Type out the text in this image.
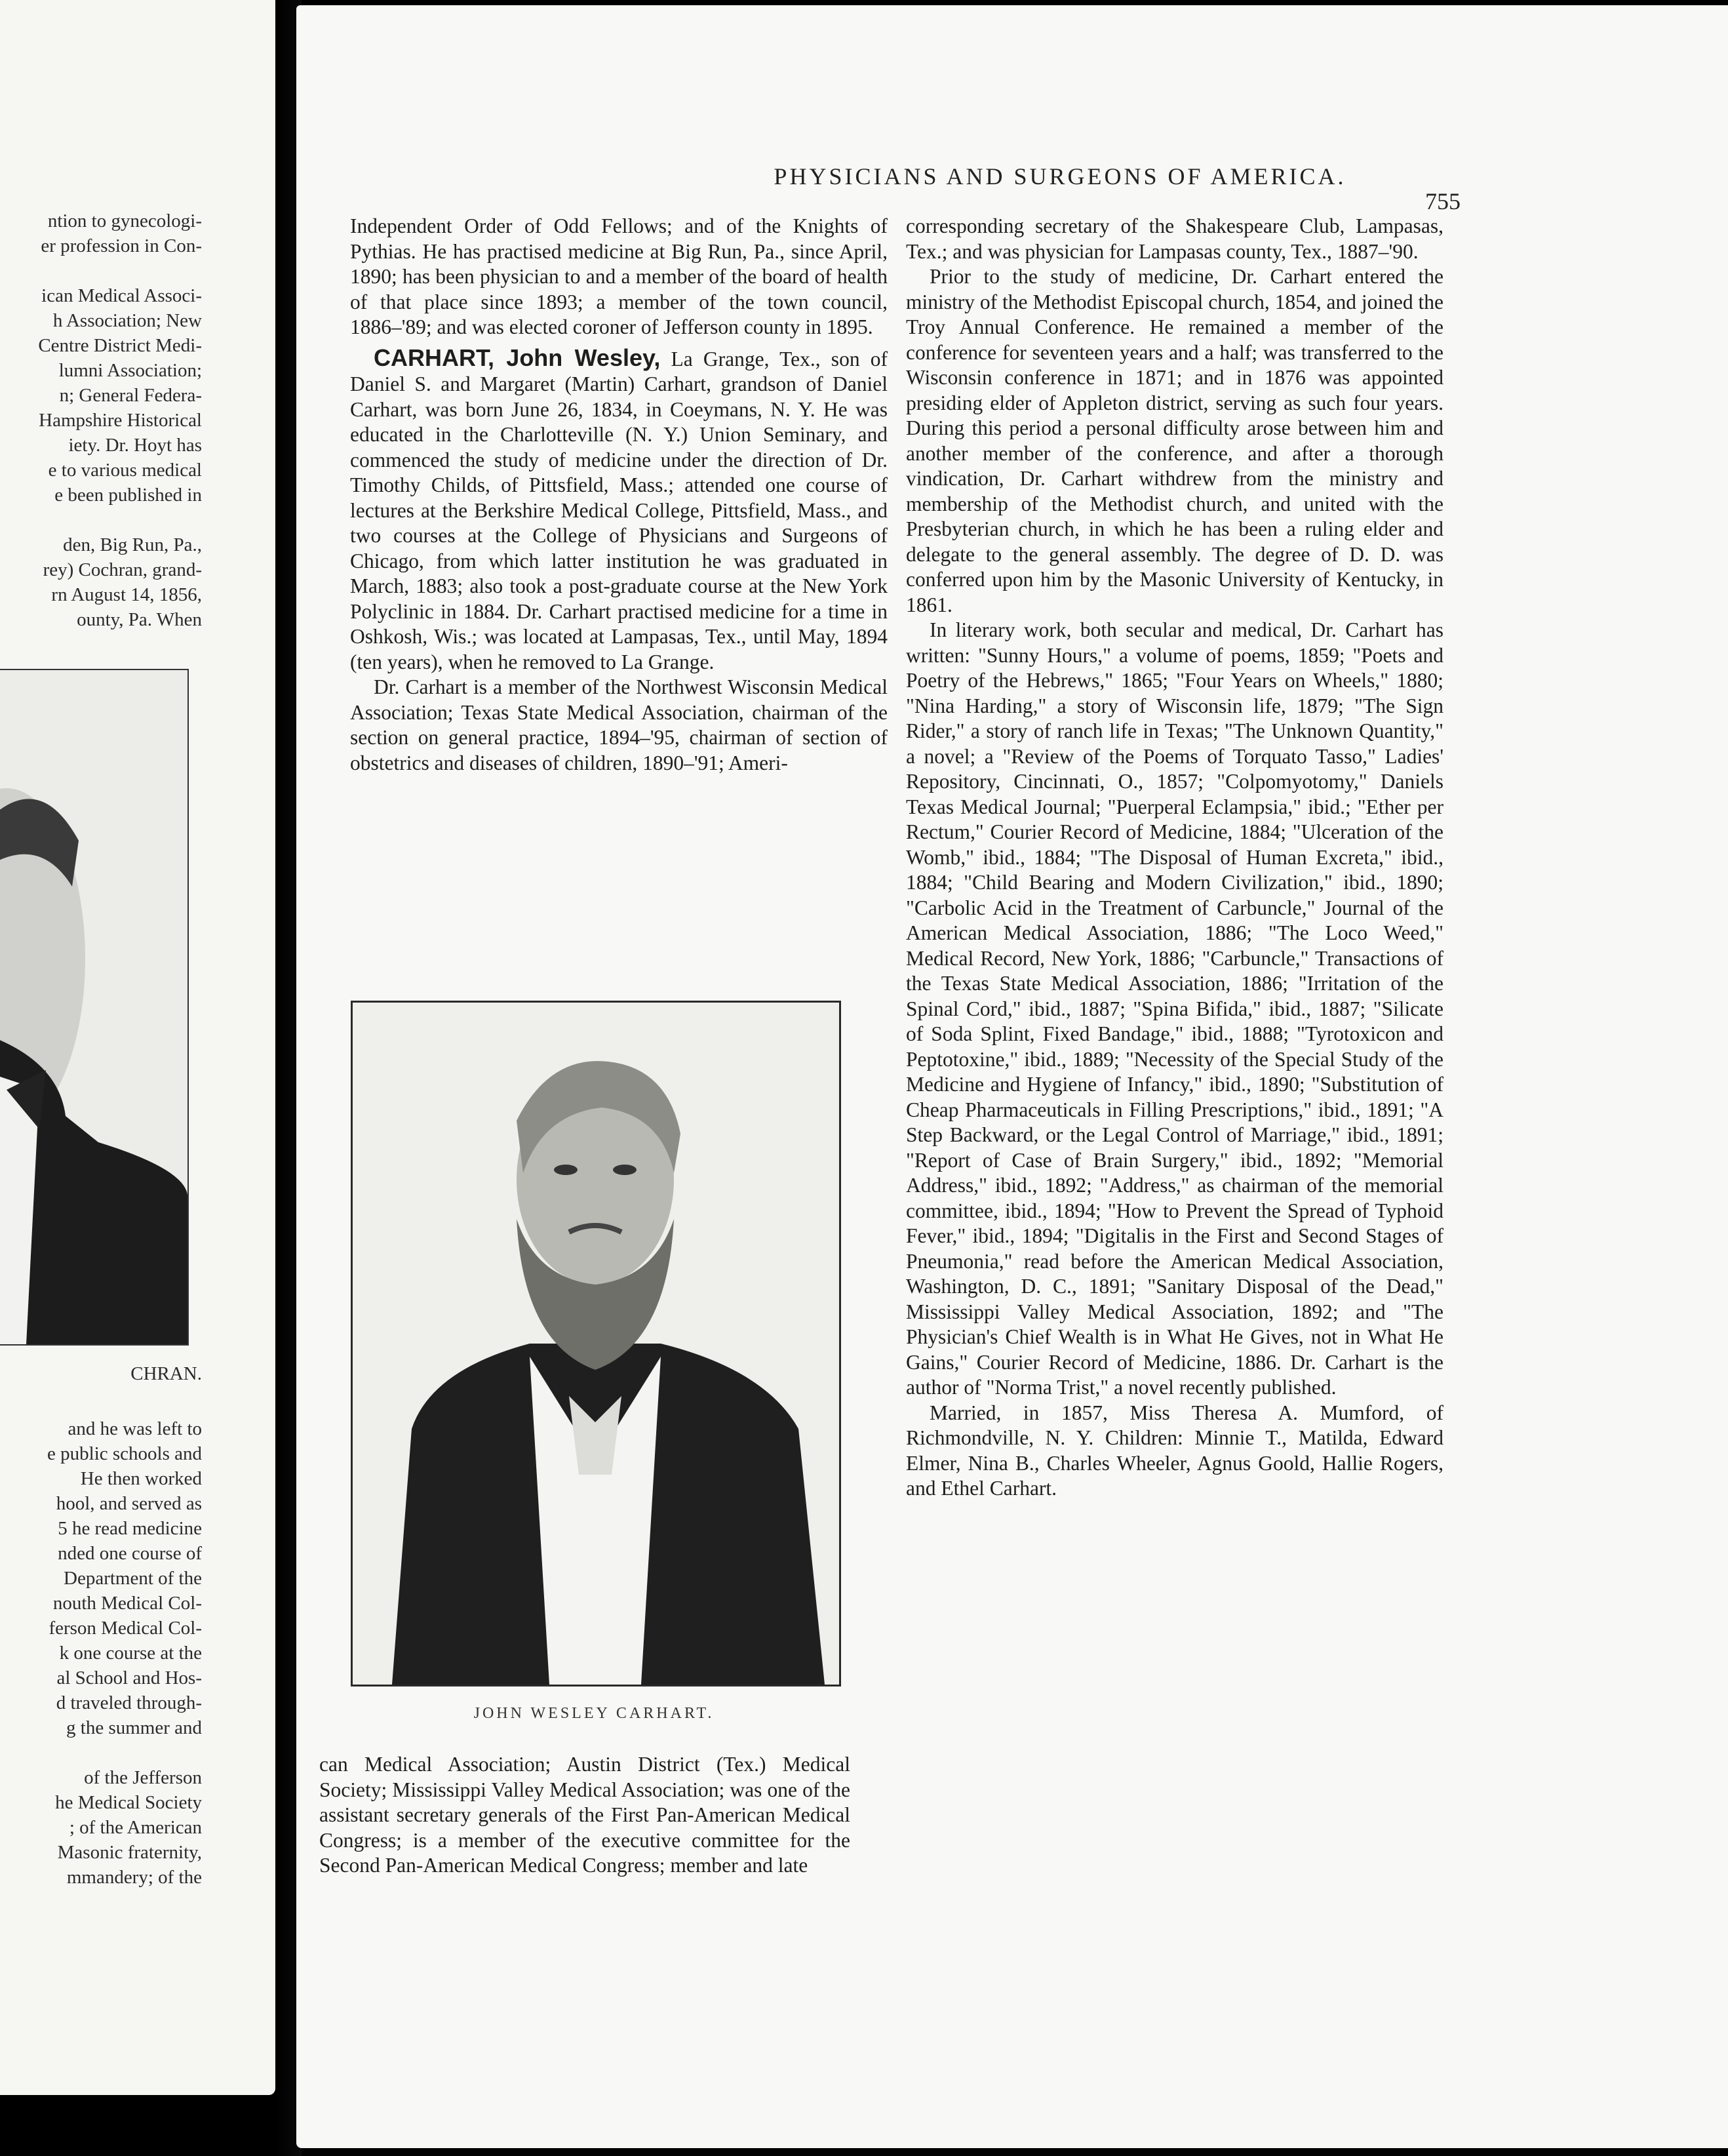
ntion to gynecologi-
er profession in Con-

ican Medical Associ-
h Association; New
Centre District Medi-
lumni Association;
n; General Federa-
Hampshire Historical
iety. Dr. Hoyt has
e to various medical
e been published in

den, Big Run, Pa.,
rey) Cochran, grand-
rn August 14, 1856,
ounty, Pa. When
CHRAN.
and he was left to
e public schools and
He then worked
hool, and served as
5 he read medicine
nded one course of
Department of the
nouth Medical Col-
ferson Medical Col-
k one course at the
al School and Hos-
d traveled through-
g the summer and

of the Jefferson
he Medical Society
; of the American
Masonic fraternity,
mmandery; of the
PHYSICIANS AND SURGEONS OF AMERICA.
755

Independent Order of Odd Fellows; and of the Knights of Pythias. He has practised medicine at Big Run, Pa., since April, 1890; has been physician to and a member of the board of health of that place since 1893; a member of the town council, 1886–'89; and was elected coroner of Jefferson county in 1895.

CARHART, John Wesley, La Grange, Tex., son of Daniel S. and Margaret (Martin) Carhart, grandson of Daniel Carhart, was born June 26, 1834, in Coeymans, N. Y. He was educated in the Charlotteville (N. Y.) Union Seminary, and commenced the study of medicine under the direction of Dr. Timothy Childs, of Pittsfield, Mass.; attended one course of lectures at the Berkshire Medical College, Pittsfield, Mass., and two courses at the College of Physicians and Surgeons of Chicago, from which latter institution he was graduated in March, 1883; also took a post-graduate course at the New York Polyclinic in 1884. Dr. Carhart practised medicine for a time in Oshkosh, Wis.; was located at Lampasas, Tex., until May, 1894 (ten years), when he removed to La Grange.

Dr. Carhart is a member of the Northwest Wisconsin Medical Association; Texas State Medical Association, chairman of the section on general practice, 1894–'95, chairman of section of obstetrics and diseases of children, 1890–'91; Ameri-

JOHN WESLEY CARHART.

can Medical Association; Austin District (Tex.) Medical Society; Mississippi Valley Medical Association; was one of the assistant secretary generals of the First Pan-American Medical Congress; is a member of the executive committee for the Second Pan-American Medical Congress; member and late

corresponding secretary of the Shakespeare Club, Lampasas, Tex.; and was physician for Lampasas county, Tex., 1887–'90.

Prior to the study of medicine, Dr. Carhart entered the ministry of the Methodist Episcopal church, 1854, and joined the Troy Annual Conference. He remained a member of the conference for seventeen years and a half; was transferred to the Wisconsin conference in 1871; and in 1876 was appointed presiding elder of Appleton district, serving as such four years. During this period a personal difficulty arose between him and another member of the conference, and after a thorough vindication, Dr. Carhart withdrew from the ministry and membership of the Methodist church, and united with the Presbyterian church, in which he has been a ruling elder and delegate to the general assembly. The degree of D. D. was conferred upon him by the Masonic University of Kentucky, in 1861.

In literary work, both secular and medical, Dr. Carhart has written: "Sunny Hours," a volume of poems, 1859; "Poets and Poetry of the Hebrews," 1865; "Four Years on Wheels," 1880; "Nina Harding," a story of Wisconsin life, 1879; "The Sign Rider," a story of ranch life in Texas; "The Unknown Quantity," a novel; a "Review of the Poems of Torquato Tasso," Ladies' Repository, Cincinnati, O., 1857; "Colpomyotomy," Daniels Texas Medical Journal; "Puerperal Eclampsia," ibid.; "Ether per Rectum," Courier Record of Medicine, 1884; "Ulceration of the Womb," ibid., 1884; "The Disposal of Human Excreta," ibid., 1884; "Child Bearing and Modern Civilization," ibid., 1890; "Carbolic Acid in the Treatment of Carbuncle," Journal of the American Medical Association, 1886; "The Loco Weed," Medical Record, New York, 1886; "Carbuncle," Transactions of the Texas State Medical Association, 1886; "Irritation of the Spinal Cord," ibid., 1887; "Spina Bifida," ibid., 1887; "Silicate of Soda Splint, Fixed Bandage," ibid., 1888; "Tyrotoxicon and Peptotoxine," ibid., 1889; "Necessity of the Special Study of the Medicine and Hygiene of Infancy," ibid., 1890; "Substitution of Cheap Pharmaceuticals in Filling Prescriptions," ibid., 1891; "A Step Backward, or the Legal Control of Marriage," ibid., 1891; "Report of Case of Brain Surgery," ibid., 1892; "Memorial Address," ibid., 1892; "Address," as chairman of the memorial committee, ibid., 1894; "How to Prevent the Spread of Typhoid Fever," ibid., 1894; "Digitalis in the First and Second Stages of Pneumonia," read before the American Medical Association, Washington, D. C., 1891; "Sanitary Disposal of the Dead," Mississippi Valley Medical Association, 1892; and "The Physician's Chief Wealth is in What He Gives, not in What He Gains," Courier Record of Medicine, 1886. Dr. Carhart is the author of "Norma Trist," a novel recently published.

Married, in 1857, Miss Theresa A. Mumford, of Richmondville, N. Y. Children: Minnie T., Matilda, Edward Elmer, Nina B., Charles Wheeler, Agnus Goold, Hallie Rogers, and Ethel Carhart.
